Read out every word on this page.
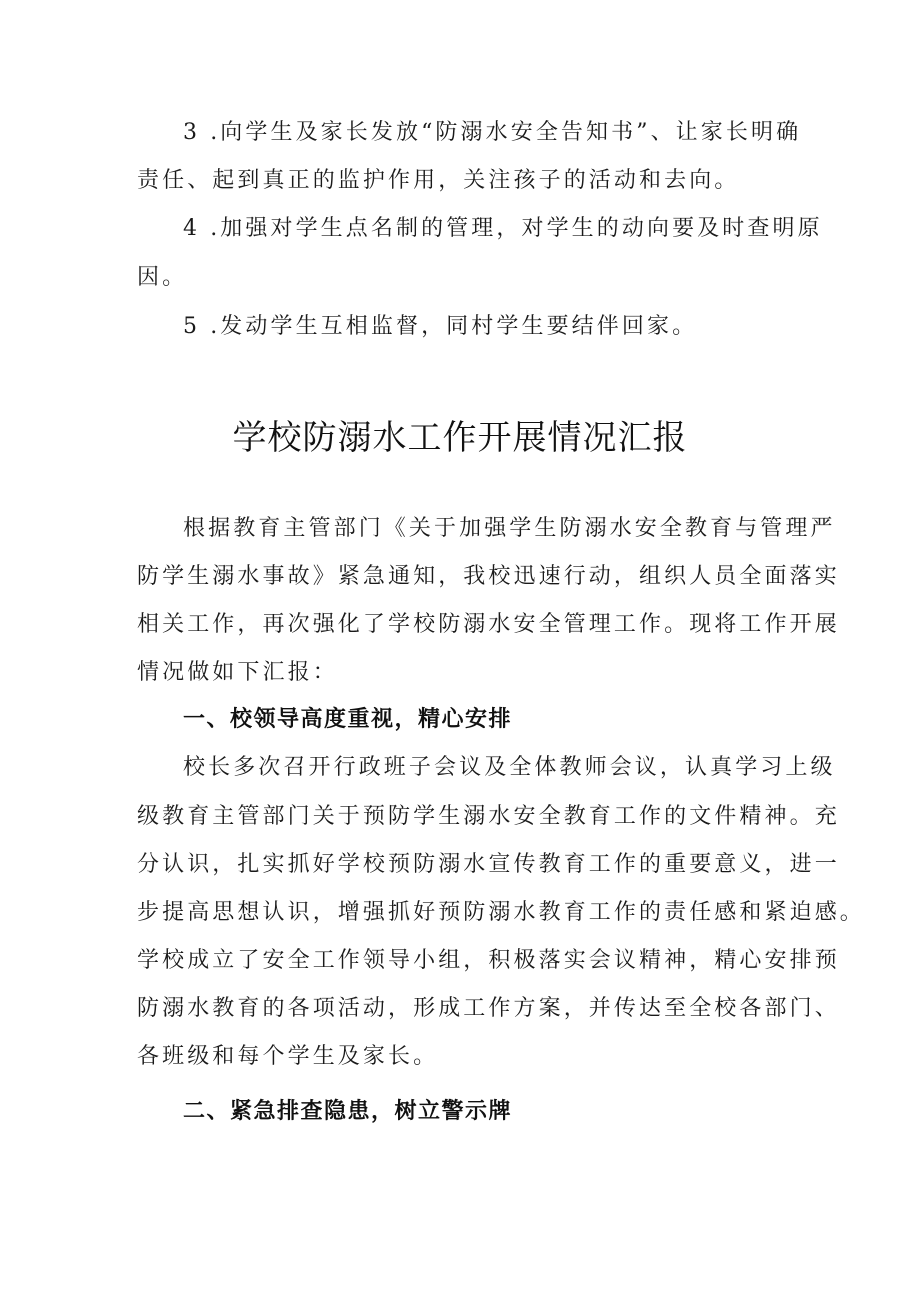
3 .向学生及家长发放“防溺水安全告知书”、让家长明确
责任、起到真正的监护作用，关注孩子的活动和去向。
4 .加强对学生点名制的管理，对学生的动向要及时查明原
因。
5 .发动学生互相监督，同村学生要结伴回家。
学校防溺水工作开展情况汇报
根据教育主管部门《关于加强学生防溺水安全教育与管理严
防学生溺水事故》紧急通知，我校迅速行动，组织人员全面落实
相关工作，再次强化了学校防溺水安全管理工作。现将工作开展
情况做如下汇报：
一、校领导高度重视，精心安排
校长多次召开行政班子会议及全体教师会议，认真学习上级
级教育主管部门关于预防学生溺水安全教育工作的文件精神。充
分认识，扎实抓好学校预防溺水宣传教育工作的重要意义，进一
步提高思想认识，增强抓好预防溺水教育工作的责任感和紧迫感。
学校成立了安全工作领导小组，积极落实会议精神，精心安排预
防溺水教育的各项活动，形成工作方案，并传达至全校各部门、
各班级和每个学生及家长。
二、紧急排查隐患，树立警示牌
